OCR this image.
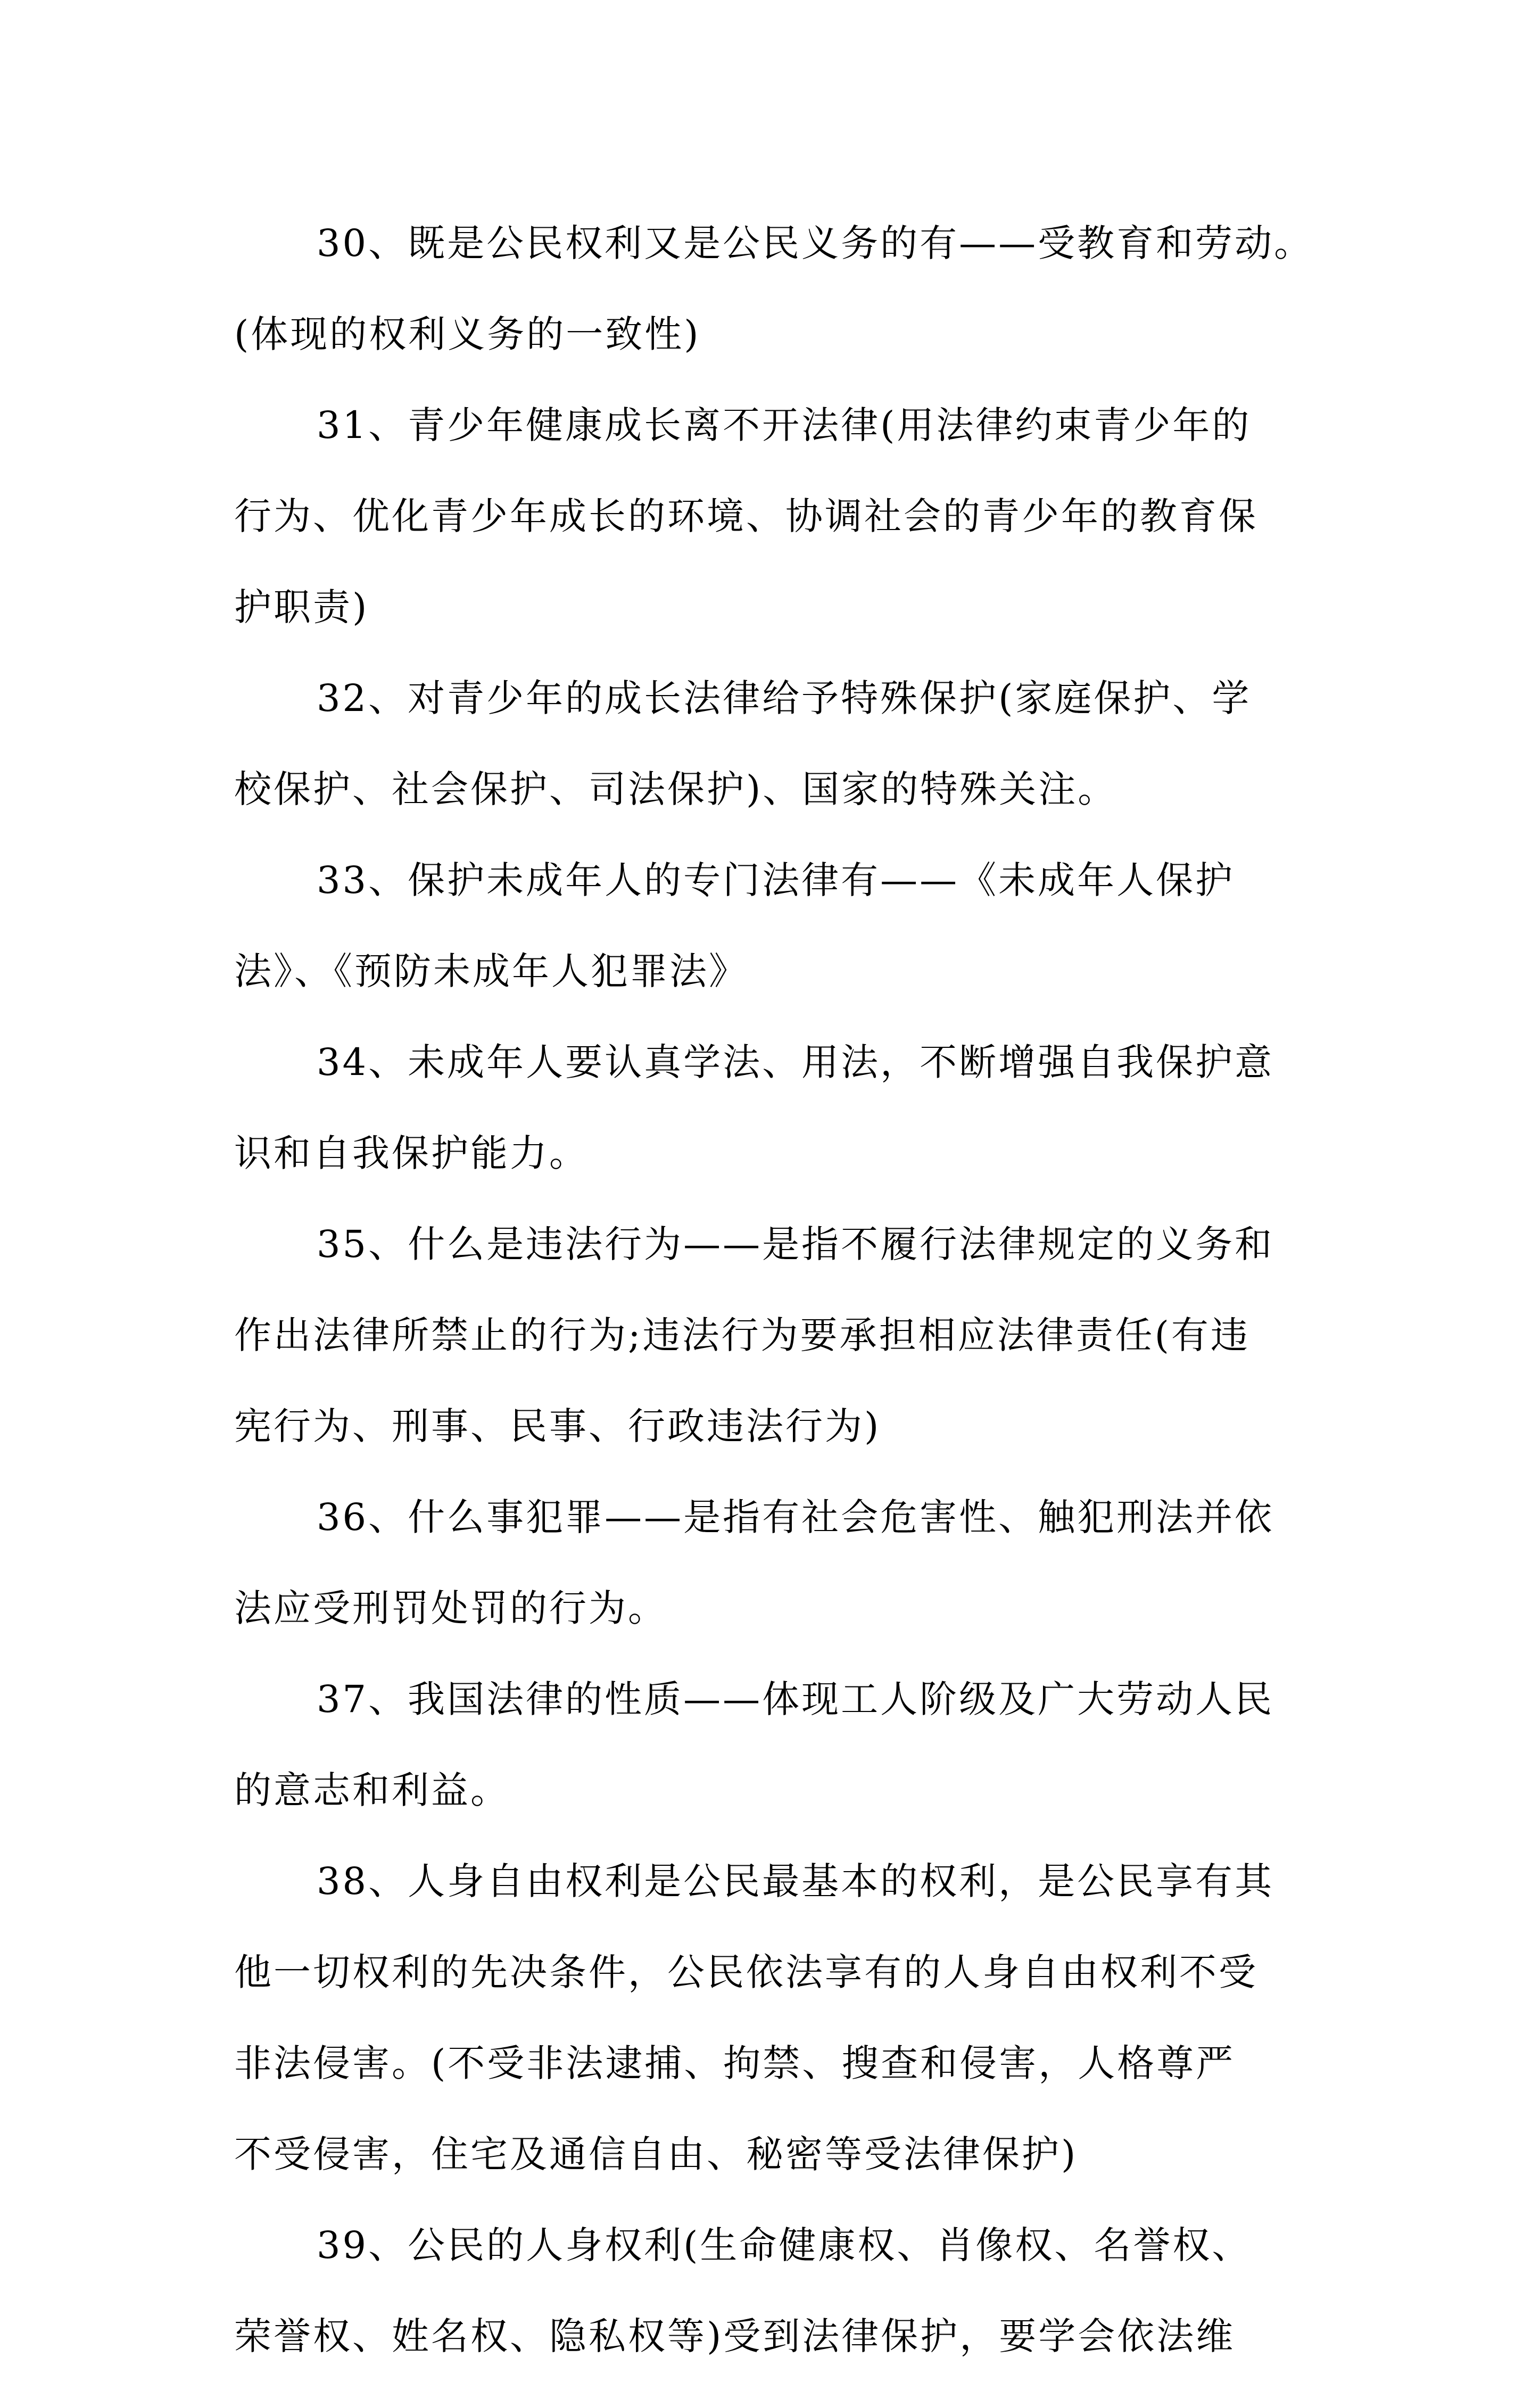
30、既是公民权利又是公民义务的有——受教育和劳动。
(体现的权利义务的一致性)

31、青少年健康成长离不开法律(用法律约束青少年的
行为、优化青少年成长的环境、协调社会的青少年的教育保
护职责)

32、对青少年的成长法律给予特殊保护(家庭保护、学
校保护、社会保护、司法保护)、国家的特殊关注。

33、保护未成年人的专门法律有——《未成年人保护
法》、《预防未成年人犯罪法》

34、未成年人要认真学法、用法，不断增强自我保护意
识和自我保护能力。

35、什么是违法行为——是指不履行法律规定的义务和
作出法律所禁止的行为;违法行为要承担相应法律责任(有违
宪行为、刑事、民事、行政违法行为)

36、什么事犯罪——是指有社会危害性、触犯刑法并依
法应受刑罚处罚的行为。

37、我国法律的性质——体现工人阶级及广大劳动人民
的意志和利益。

38、人身自由权利是公民最基本的权利，是公民享有其
他一切权利的先决条件，公民依法享有的人身自由权利不受
非法侵害。(不受非法逮捕、拘禁、搜查和侵害，人格尊严
不受侵害，住宅及通信自由、秘密等受法律保护)

39、公民的人身权利(生命健康权、肖像权、名誉权、
荣誉权、姓名权、隐私权等)受到法律保护，要学会依法维
